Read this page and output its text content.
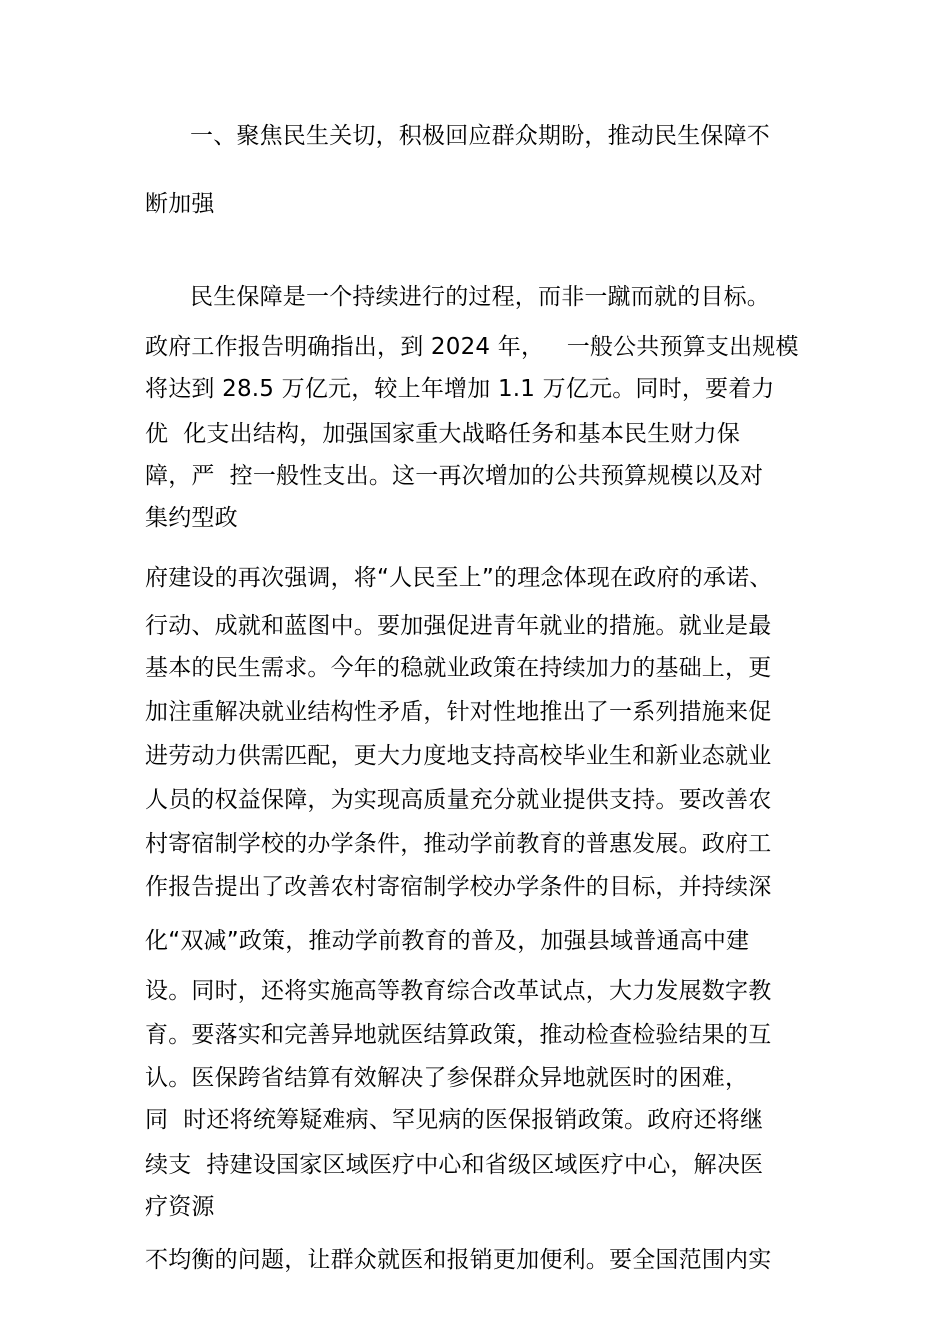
一、聚焦民生关切，积极回应群众期盼，推动民生保障不

断加强

民生保障是一个持续进行的过程，而非一蹴而就的目标。

政府工作报告明确指出，到 2024 年，   一般公共预算支出规模

将达到 28.5 万亿元，较上年增加 1.1 万亿元。同时，要着力

优  化支出结构，加强国家重大战略任务和基本民生财力保

障，严  控一般性支出。这一再次增加的公共预算规模以及对

集约型政

府建设的再次强调，将“人民至上”的理念体现在政府的承诺、

行动、成就和蓝图中。要加强促进青年就业的措施。就业是最

基本的民生需求。今年的稳就业政策在持续加力的基础上，更

加注重解决就业结构性矛盾，针对性地推出了一系列措施来促

进劳动力供需匹配，更大力度地支持高校毕业生和新业态就业

人员的权益保障，为实现高质量充分就业提供支持。要改善农

村寄宿制学校的办学条件，推动学前教育的普惠发展。政府工

作报告提出了改善农村寄宿制学校办学条件的目标，并持续深

化“双减”政策，推动学前教育的普及，加强县域普通高中建

设。同时，还将实施高等教育综合改革试点，大力发展数字教

育。要落实和完善异地就医结算政策，推动检查检验结果的互

认。医保跨省结算有效解决了参保群众异地就医时的困难，

同  时还将统筹疑难病、罕见病的医保报销政策。政府还将继

续支  持建设国家区域医疗中心和省级区域医疗中心，解决医

疗资源

不均衡的问题，让群众就医和报销更加便利。要全国范围内实
